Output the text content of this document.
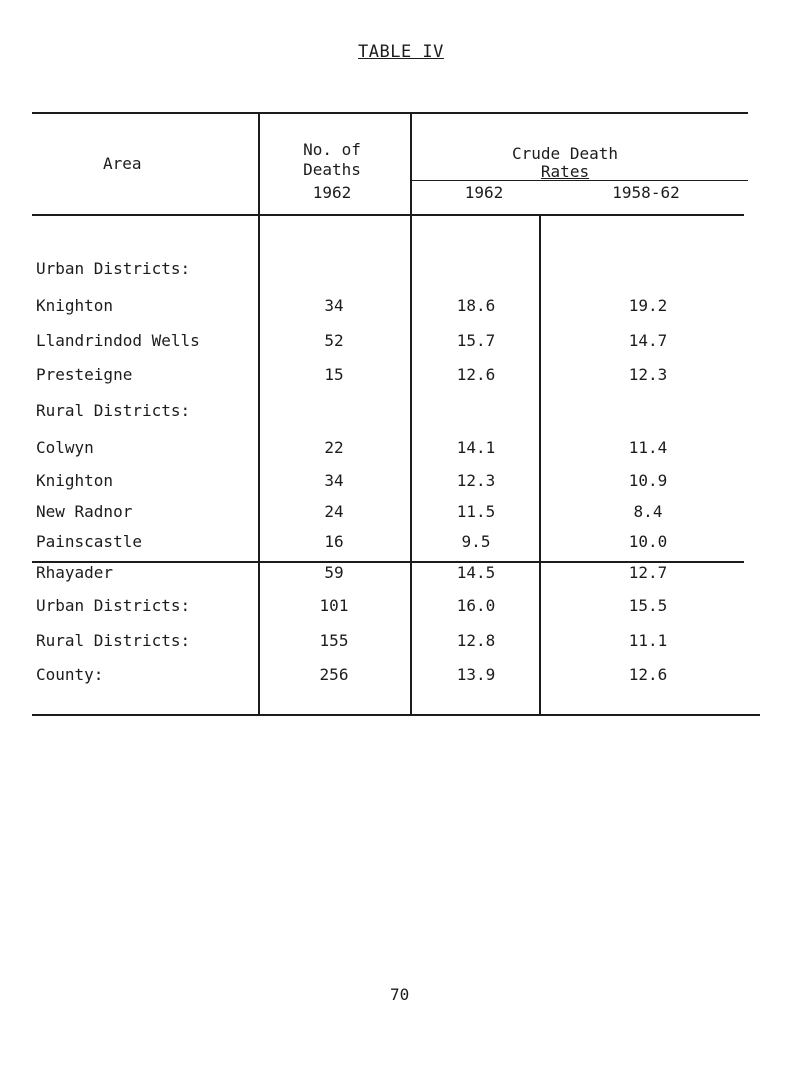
TABLE IV
Area
No. of
Deaths
1962
Crude Death
Rates
1962	1958-62
Urban Districts:
Knighton	34	18.6	19.2
Llandrindod Wells	52	15.7	14.7
Presteigne	15	12.6	12.3
Rural Districts:
Colwyn	22	14.1	11.4
Knighton	34	12.3	10.9
New Radnor	24	11.5	8.4
Painscastle	16	9.5	10.0
Rhayader	59	14.5	12.7
Urban Districts:	101	16.0	15.5
Rural Districts:	155	12.8	11.1
County:	256	13.9	12.6
70
